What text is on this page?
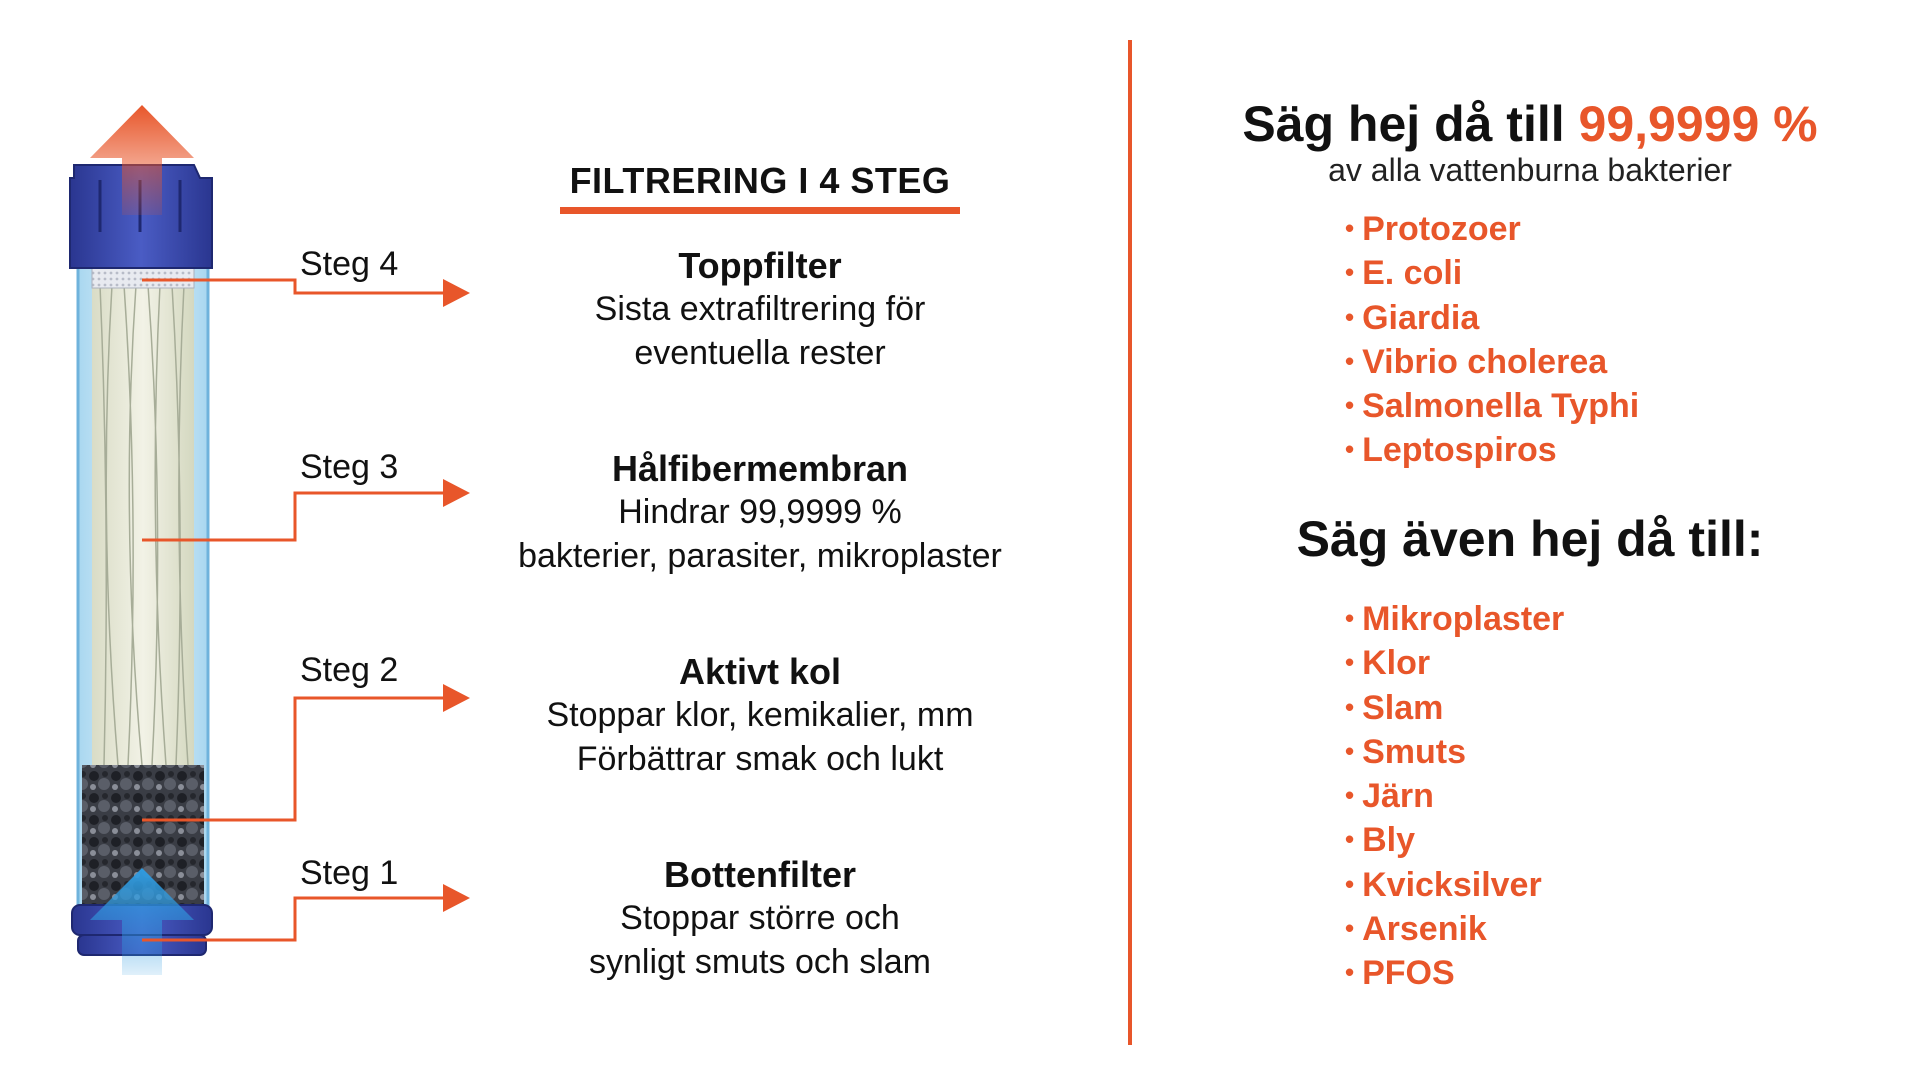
FILTRERING I 4 STEG
Steg 4
Steg 3
Steg 2
Steg 1
Toppfilter
Sista extrafiltrering för
eventuella rester
Hålfibermembran
Hindrar 99,9999 %
bakterier, parasiter, mikroplaster
Aktivt kol
Stoppar klor, kemikalier, mm
Förbättrar smak och lukt
Bottenfilter
Stoppar större och
synligt smuts och slam
Säg hej då till 99,9999 %
av alla vattenburna bakterier
• Protozoer
• E. coli
• Giardia
• Vibrio cholerea
• Salmonella Typhi
• Leptospiros
Säg även hej då till:
• Mikroplaster
• Klor
• Slam
• Smuts
• Järn
• Bly
• Kvicksilver
• Arsenik
• PFOS
